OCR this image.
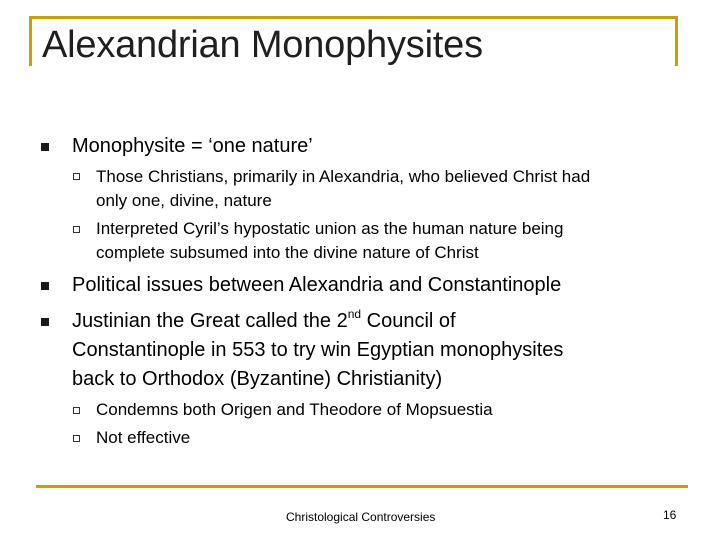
Alexandrian Monophysites
Monophysite = ‘one nature’
Those Christians, primarily in Alexandria, who believed Christ had
only one, divine, nature
Interpreted Cyril’s hypostatic union as the human nature being
complete subsumed into the divine nature of Christ
Political issues between Alexandria and Constantinople
Justinian the Great called the 2nd Council of
Constantinople in 553 to try win Egyptian monophysites
back to Orthodox (Byzantine) Christianity)
Condemns both Origen and Theodore of Mopsuestia
Not effective
Christological Controversies	16
